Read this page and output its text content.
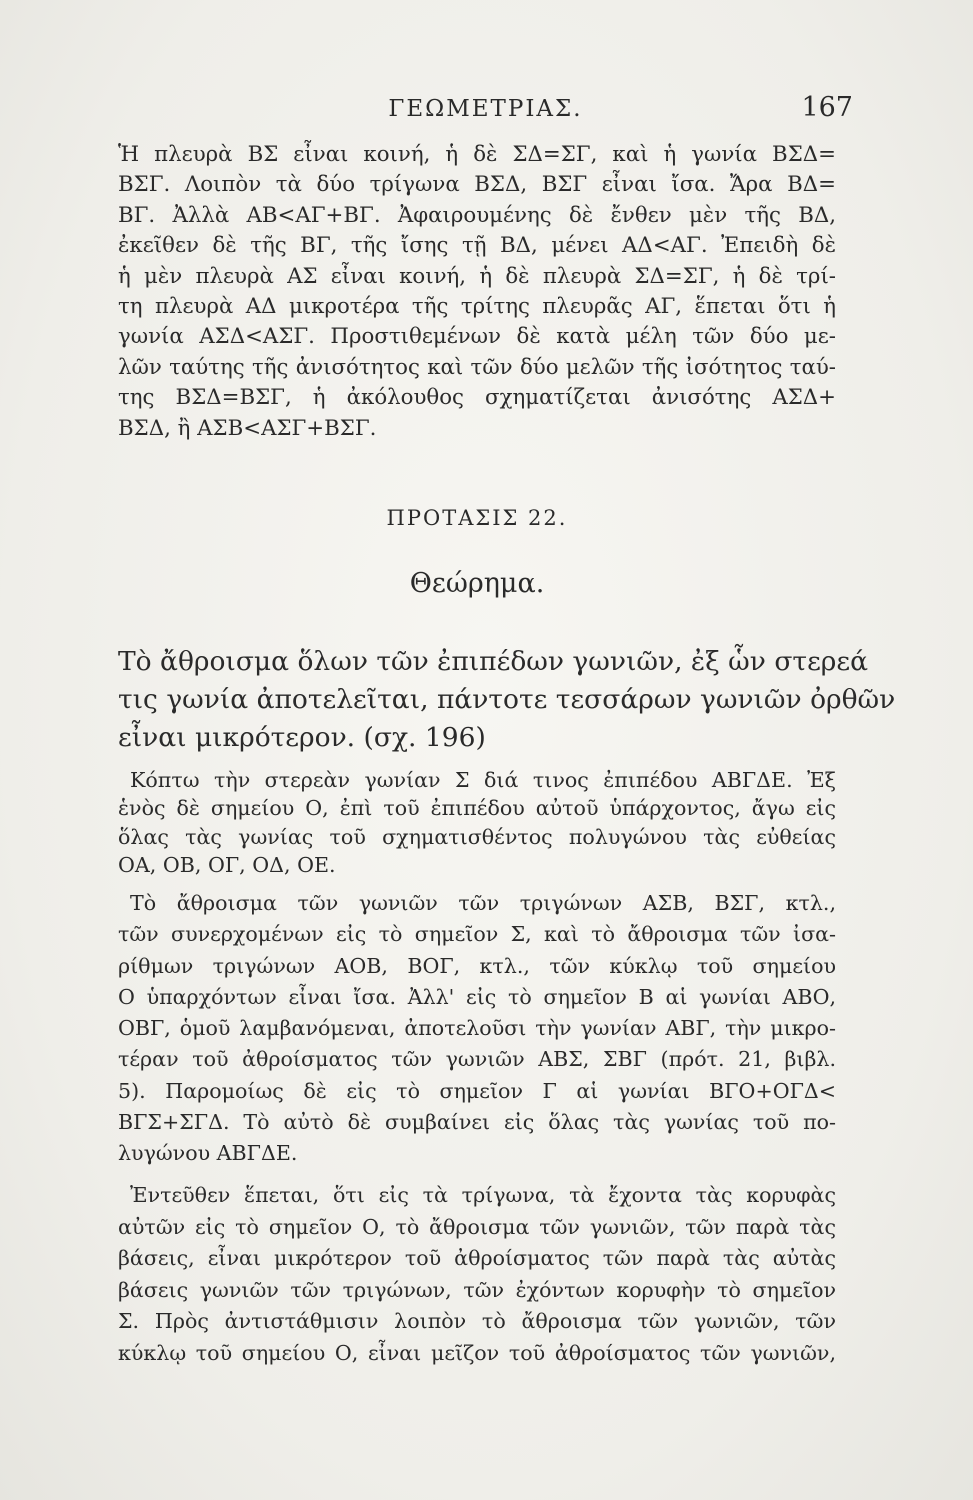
ΓΕΩΜΕΤΡΙΑΣ.	167
Ἡ πλευρὰ ΒΣ εἶναι κοινή, ἡ δὲ ΣΔ=ΣΓ, καὶ ἡ γωνία ΒΣΔ=
ΒΣΓ. Λοιπὸν τὰ δύο τρίγωνα ΒΣΔ, ΒΣΓ εἶναι ἴσα. Ἄρα ΒΔ=
ΒΓ. Ἀλλὰ ΑΒ<ΑΓ+ΒΓ. Ἀφαιρουμένης δὲ ἔνθεν μὲν τῆς ΒΔ,
ἐκεῖθεν δὲ τῆς ΒΓ, τῆς ἴσης τῇ ΒΔ, μένει ΑΔ<ΑΓ. Ἐπειδὴ δὲ
ἡ μὲν πλευρὰ ΑΣ εἶναι κοινή, ἡ δὲ πλευρὰ ΣΔ=ΣΓ, ἡ δὲ τρί-
τη πλευρὰ ΑΔ μικροτέρα τῆς τρίτης πλευρᾶς ΑΓ, ἕπεται ὅτι ἡ
γωνία ΑΣΔ<ΑΣΓ. Προστιθεμένων δὲ κατὰ μέλη τῶν δύο με-
λῶν ταύτης τῆς ἀνισότητος καὶ τῶν δύο μελῶν τῆς ἰσότητος ταύ-
της ΒΣΔ=ΒΣΓ, ἡ ἀκόλουθος σχηματίζεται ἀνισότης ΑΣΔ+
ΒΣΔ, ἢ ΑΣΒ<ΑΣΓ+ΒΣΓ.
ΠΡΟΤΑΣΙΣ 22.
Θεώρημα.
Τὸ ἄθροισμα ὅλων τῶν ἐπιπέδων γωνιῶν, ἐξ ὧν στερεά
τις γωνία ἀποτελεῖται, πάντοτε τεσσάρων γωνιῶν ὀρθῶν
εἶναι μικρότερον. (σχ. 196)
Κόπτω τὴν στερεὰν γωνίαν Σ διά τινος ἐπιπέδου ΑΒΓΔΕ. Ἐξ
ἑνὸς δὲ σημείου Ο, ἐπὶ τοῦ ἐπιπέδου αὐτοῦ ὑπάρχοντος, ἄγω εἰς
ὅλας τὰς γωνίας τοῦ σχηματισθέντος πολυγώνου τὰς εὐθείας
ΟΑ, ΟΒ, ΟΓ, ΟΔ, ΟΕ.
Τὸ ἄθροισμα τῶν γωνιῶν τῶν τριγώνων ΑΣΒ, ΒΣΓ, κτλ.,
τῶν συνερχομένων εἰς τὸ σημεῖον Σ, καὶ τὸ ἄθροισμα τῶν ἰσα-
ρίθμων τριγώνων ΑΟΒ, ΒΟΓ, κτλ., τῶν κύκλῳ τοῦ σημείου
Ο ὑπαρχόντων εἶναι ἴσα. Ἀλλ' εἰς τὸ σημεῖον Β αἱ γωνίαι ΑΒΟ,
ΟΒΓ, ὁμοῦ λαμβανόμεναι, ἀποτελοῦσι τὴν γωνίαν ΑΒΓ, τὴν μικρο-
τέραν τοῦ ἀθροίσματος τῶν γωνιῶν ΑΒΣ, ΣΒΓ (πρότ. 21, βιβλ.
5). Παρομοίως δὲ εἰς τὸ σημεῖον Γ αἱ γωνίαι ΒΓΟ+ΟΓΔ<
ΒΓΣ+ΣΓΔ. Τὸ αὐτὸ δὲ συμβαίνει εἰς ὅλας τὰς γωνίας τοῦ πο-
λυγώνου ΑΒΓΔΕ.
Ἐντεῦθεν ἕπεται, ὅτι εἰς τὰ τρίγωνα, τὰ ἔχοντα τὰς κορυφὰς
αὐτῶν εἰς τὸ σημεῖον Ο, τὸ ἄθροισμα τῶν γωνιῶν, τῶν παρὰ τὰς
βάσεις, εἶναι μικρότερον τοῦ ἀθροίσματος τῶν παρὰ τὰς αὐτὰς
βάσεις γωνιῶν τῶν τριγώνων, τῶν ἐχόντων κορυφὴν τὸ σημεῖον
Σ. Πρὸς ἀντιστάθμισιν λοιπὸν τὸ ἄθροισμα τῶν γωνιῶν, τῶν
κύκλῳ τοῦ σημείου Ο, εἶναι μεῖζον τοῦ ἀθροίσματος τῶν γωνιῶν,
